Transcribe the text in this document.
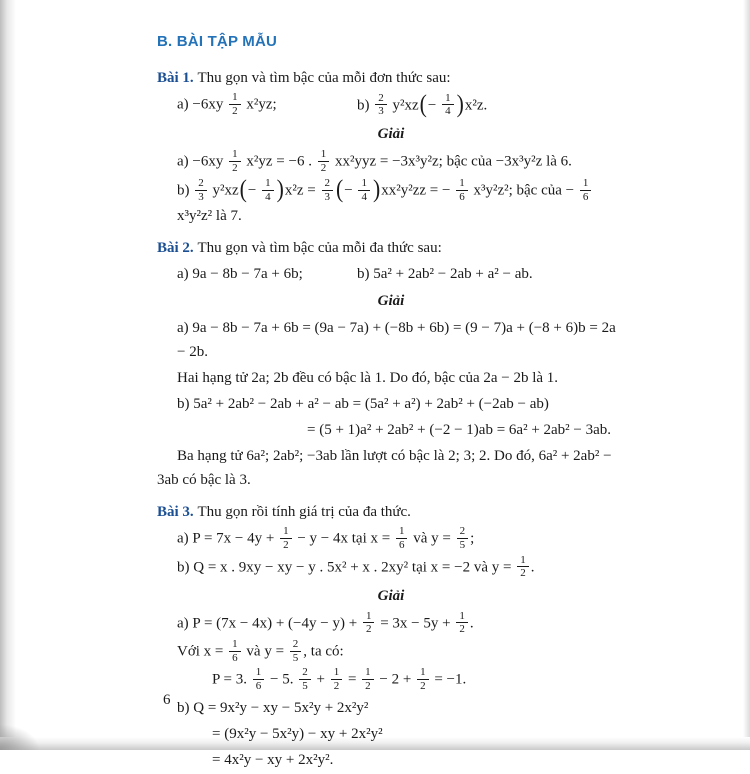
B. BÀI TẬP MẪU
Bài 1. Thu gọn và tìm bậc của mỗi đơn thức sau:
$a) -6xy \frac{1}{2} x^2yz$;	$b) \frac{2}{3} y^2xz(- \frac{1}{4} )x^2z$.
Giải
$a) -6xy \frac{1}{2} x^2yz = -6$ . $\frac{1}{2} xx^2yyz = -3x^3y^2z$; bậc của −3x³y²z là 6.
$b) \frac{2}{3} y^2xz(- \frac{1}{4} )x^2z = \frac{2}{3}$ (− $\frac{1}{4} )xx^2y^2zz$ = − $\frac{1}{6} x^3y^2z^2$; bậc của − $\frac{1}{6}$
x³y²z² là 7.
Bài 2. Thu gọn và tìm bậc của mỗi đa thức sau:
a) 9a − 8b − 7a + 6b;	b) 5a² + 2ab² − 2ab + a² − ab.
Giải
a) 9a − 8b − 7a + 6b = (9a − 7a) + (−8b + 6b) = (9 − 7)a + (−8 + 6)b = 2a − 2b.
Hai hạng tử 2a; 2b đều có bậc là 1. Do đó, bậc của 2a − 2b là 1.
b) 5a² + 2ab² − 2ab + a² − ab = (5a² + a²) + 2ab² + (−2ab − ab)
= (5 + 1)a² + 2ab² + (−2 − 1)ab = 6a² + 2ab² − 3ab.
Ba hạng tử 6a²; 2ab²; −3ab lần lượt có bậc là 2; 3; 2. Do đó, 6a² + 2ab² − 3ab có bậc là 3.
Bài 3. Thu gọn rồi tính giá trị của đa thức.
a) $P = 7x - 4y + \frac{1}{2} - y - 4x$ tại $x = \frac{1}{6}$ và $y = \frac{2}{5}$ ;
b) Q = x . 9xy − xy − y . 5x² + x . 2xy² tại x = −2 và $y = \frac{1}{2}$ .
Giải
a) $P = (7x - 4x) + (-4y - y) + \frac{1}{2} = 3x - 5y + \frac{1}{2}$ .
Với $x = \frac{1}{6}$ và $y = \frac{2}{5}$ , ta có:
P = 3. $\frac{1}{6} - 5$. $\frac{2}{5} + \frac{1}{2} = \frac{1}{2} - 2 + \frac{1}{2} = -1$.
b) Q = 9x²y − xy − 5x²y + 2x²y²
= (9x²y − 5x²y) − xy + 2x²y²
= 4x²y − xy + 2x²y².
6
